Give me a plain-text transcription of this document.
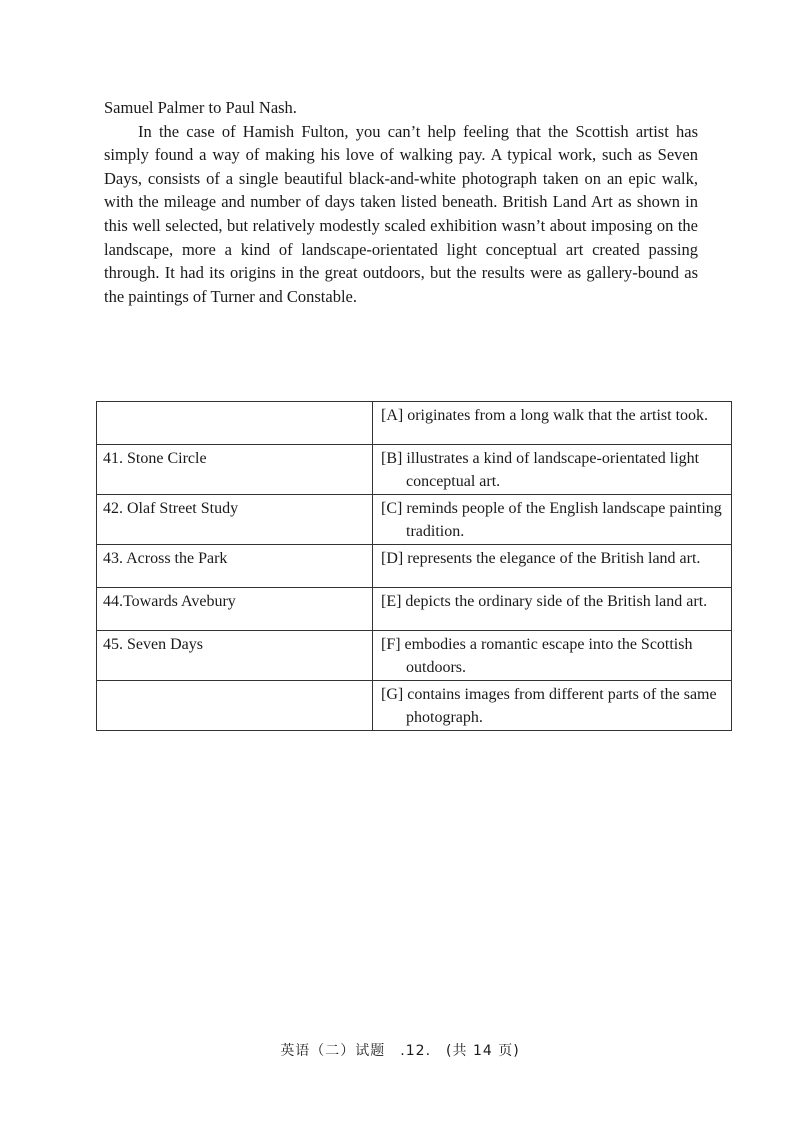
Samuel Palmer to Paul Nash.

In the case of Hamish Fulton, you can’t help feeling that the Scottish artist has simply found a way of making his love of walking pay. A typical work, such as Seven Days, consists of a single beautiful black-and-white photograph taken on an epic walk, with the mileage and number of days taken listed beneath. British Land Art as shown in this well selected, but relatively modestly scaled exhibition wasn’t about imposing on the landscape, more a kind of landscape-orientated light conceptual art created passing through. It had its origins in the great outdoors, but the results were as gallery-bound as the paintings of Turner and Constable.

	[A] originates from a long walk that the artist took.
41. Stone Circle	[B] illustrates a kind of landscape-orientated light conceptual art.
42. Olaf Street Study	[C] reminds people of the English landscape painting tradition.
43. Across the Park	[D] represents the elegance of the British land art.
44.Towards Avebury	[E] depicts the ordinary side of the British land art.
45. Seven Days	[F] embodies a romantic escape into the Scottish outdoors.
	[G] contains images from different parts of the same photograph.
英语（二）试题　.12.　(共 14 页)
